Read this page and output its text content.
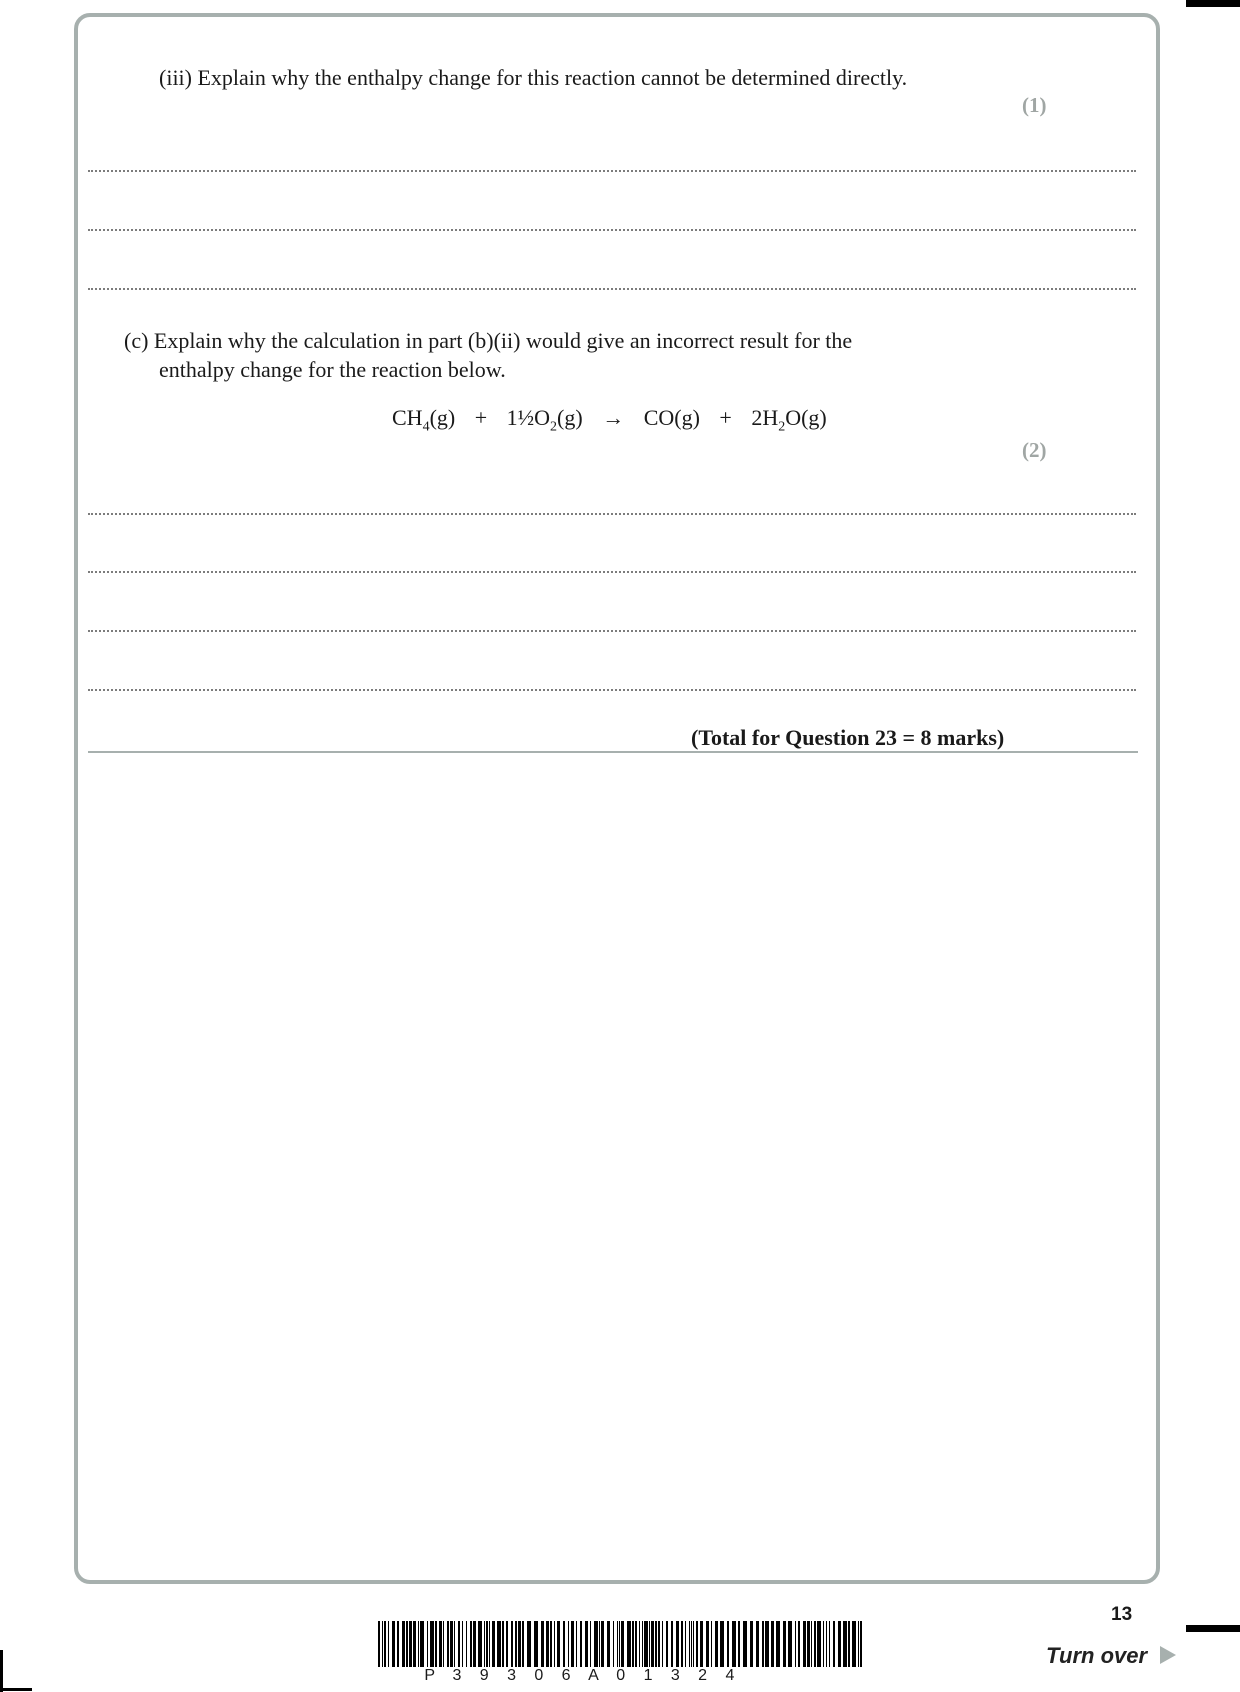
(iii) Explain why the enthalpy change for this reaction cannot be determined directly.
(1)
(c) Explain why the calculation in part (b)(ii) would give an incorrect result for the
enthalpy change for the reaction below.
$CH_4(g)$ + $1\frac{1}{2}O_2(g) \to CO(g) + 2H_2O(g)$
(2)
(Total for Question 23 = 8 marks)
P 3 9 3 0 6 A 0 1 3 2 4
13
Turn over
